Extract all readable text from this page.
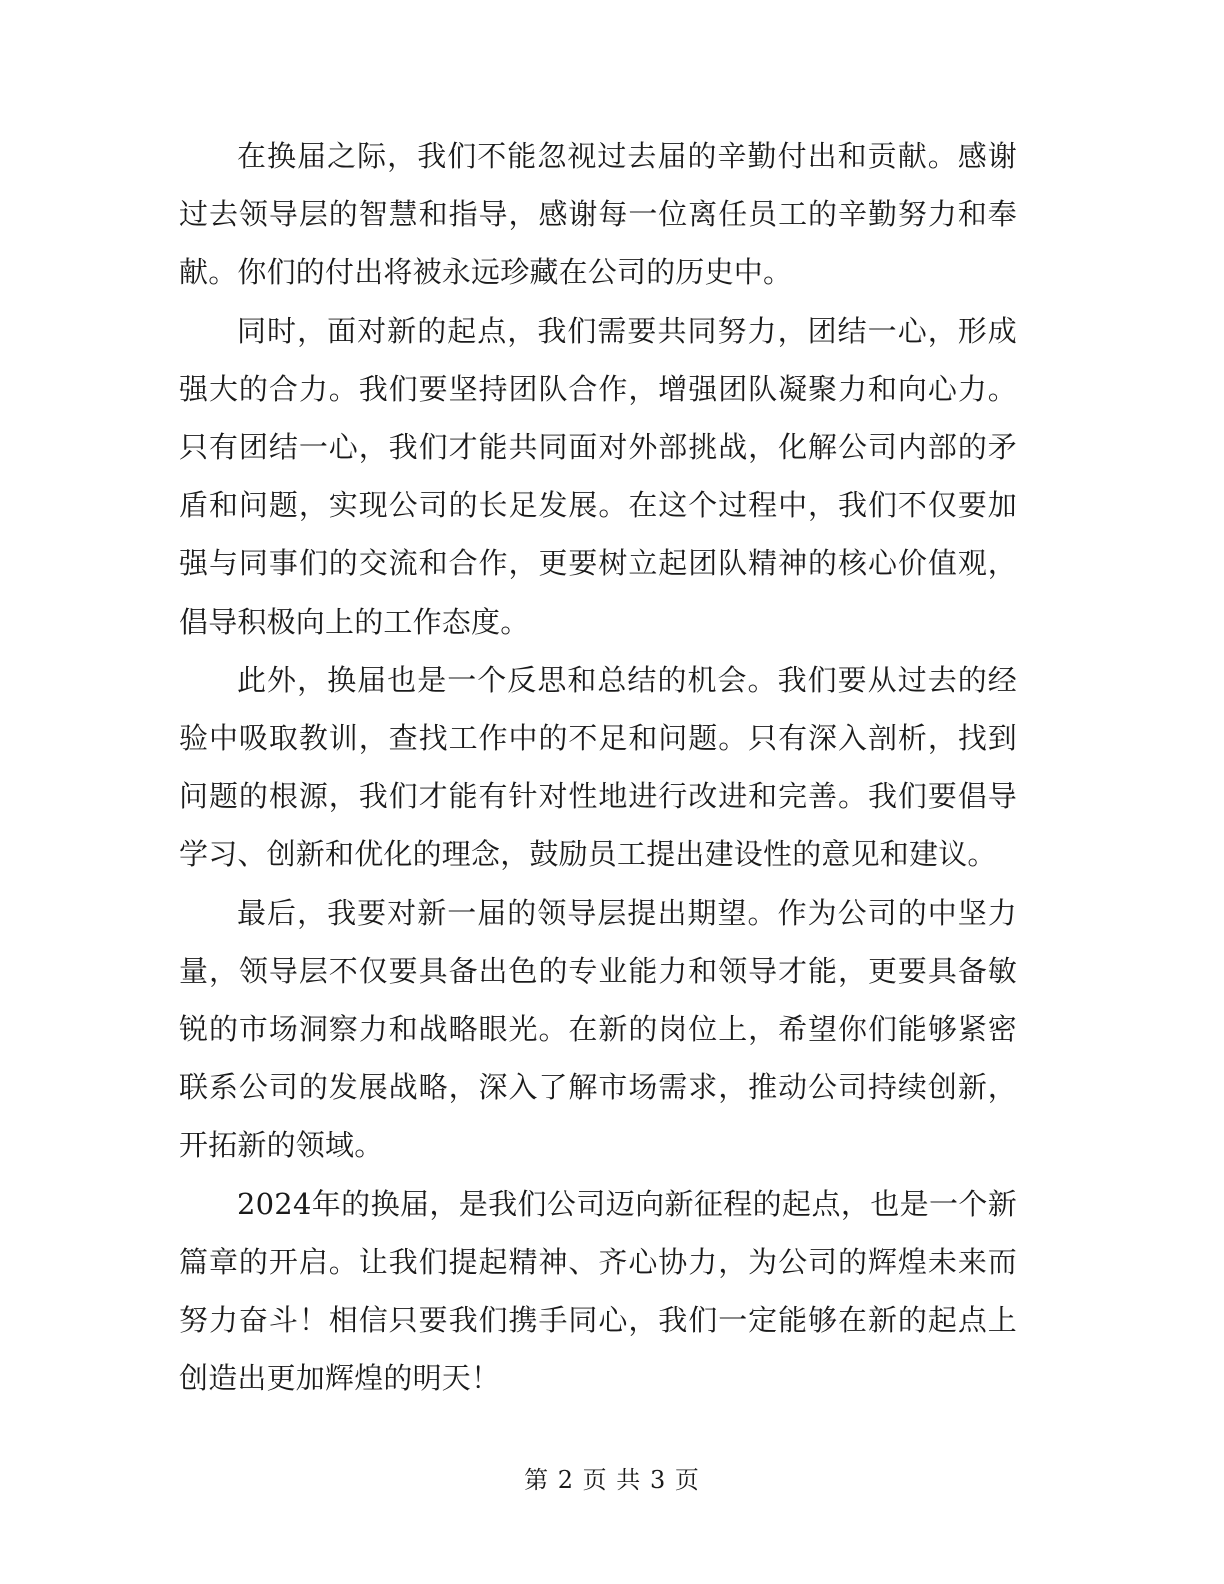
在换届之际，我们不能忽视过去届的辛勤付出和贡献。感谢过去领导层的智慧和指导，感谢每一位离任员工的辛勤努力和奉献。你们的付出将被永远珍藏在公司的历史中。

同时，面对新的起点，我们需要共同努力，团结一心，形成强大的合力。我们要坚持团队合作，增强团队凝聚力和向心力。只有团结一心，我们才能共同面对外部挑战，化解公司内部的矛盾和问题，实现公司的长足发展。在这个过程中，我们不仅要加强与同事们的交流和合作，更要树立起团队精神的核心价值观，倡导积极向上的工作态度。

此外，换届也是一个反思和总结的机会。我们要从过去的经验中吸取教训，查找工作中的不足和问题。只有深入剖析，找到问题的根源，我们才能有针对性地进行改进和完善。我们要倡导学习、创新和优化的理念，鼓励员工提出建设性的意见和建议。

最后，我要对新一届的领导层提出期望。作为公司的中坚力量，领导层不仅要具备出色的专业能力和领导才能，更要具备敏锐的市场洞察力和战略眼光。在新的岗位上，希望你们能够紧密联系公司的发展战略，深入了解市场需求，推动公司持续创新，开拓新的领域。

2024年的换届，是我们公司迈向新征程的起点，也是一个新篇章的开启。让我们提起精神、齐心协力，为公司的辉煌未来而努力奋斗！相信只要我们携手同心，我们一定能够在新的起点上创造出更加辉煌的明天！

第 2 页 共 3 页
